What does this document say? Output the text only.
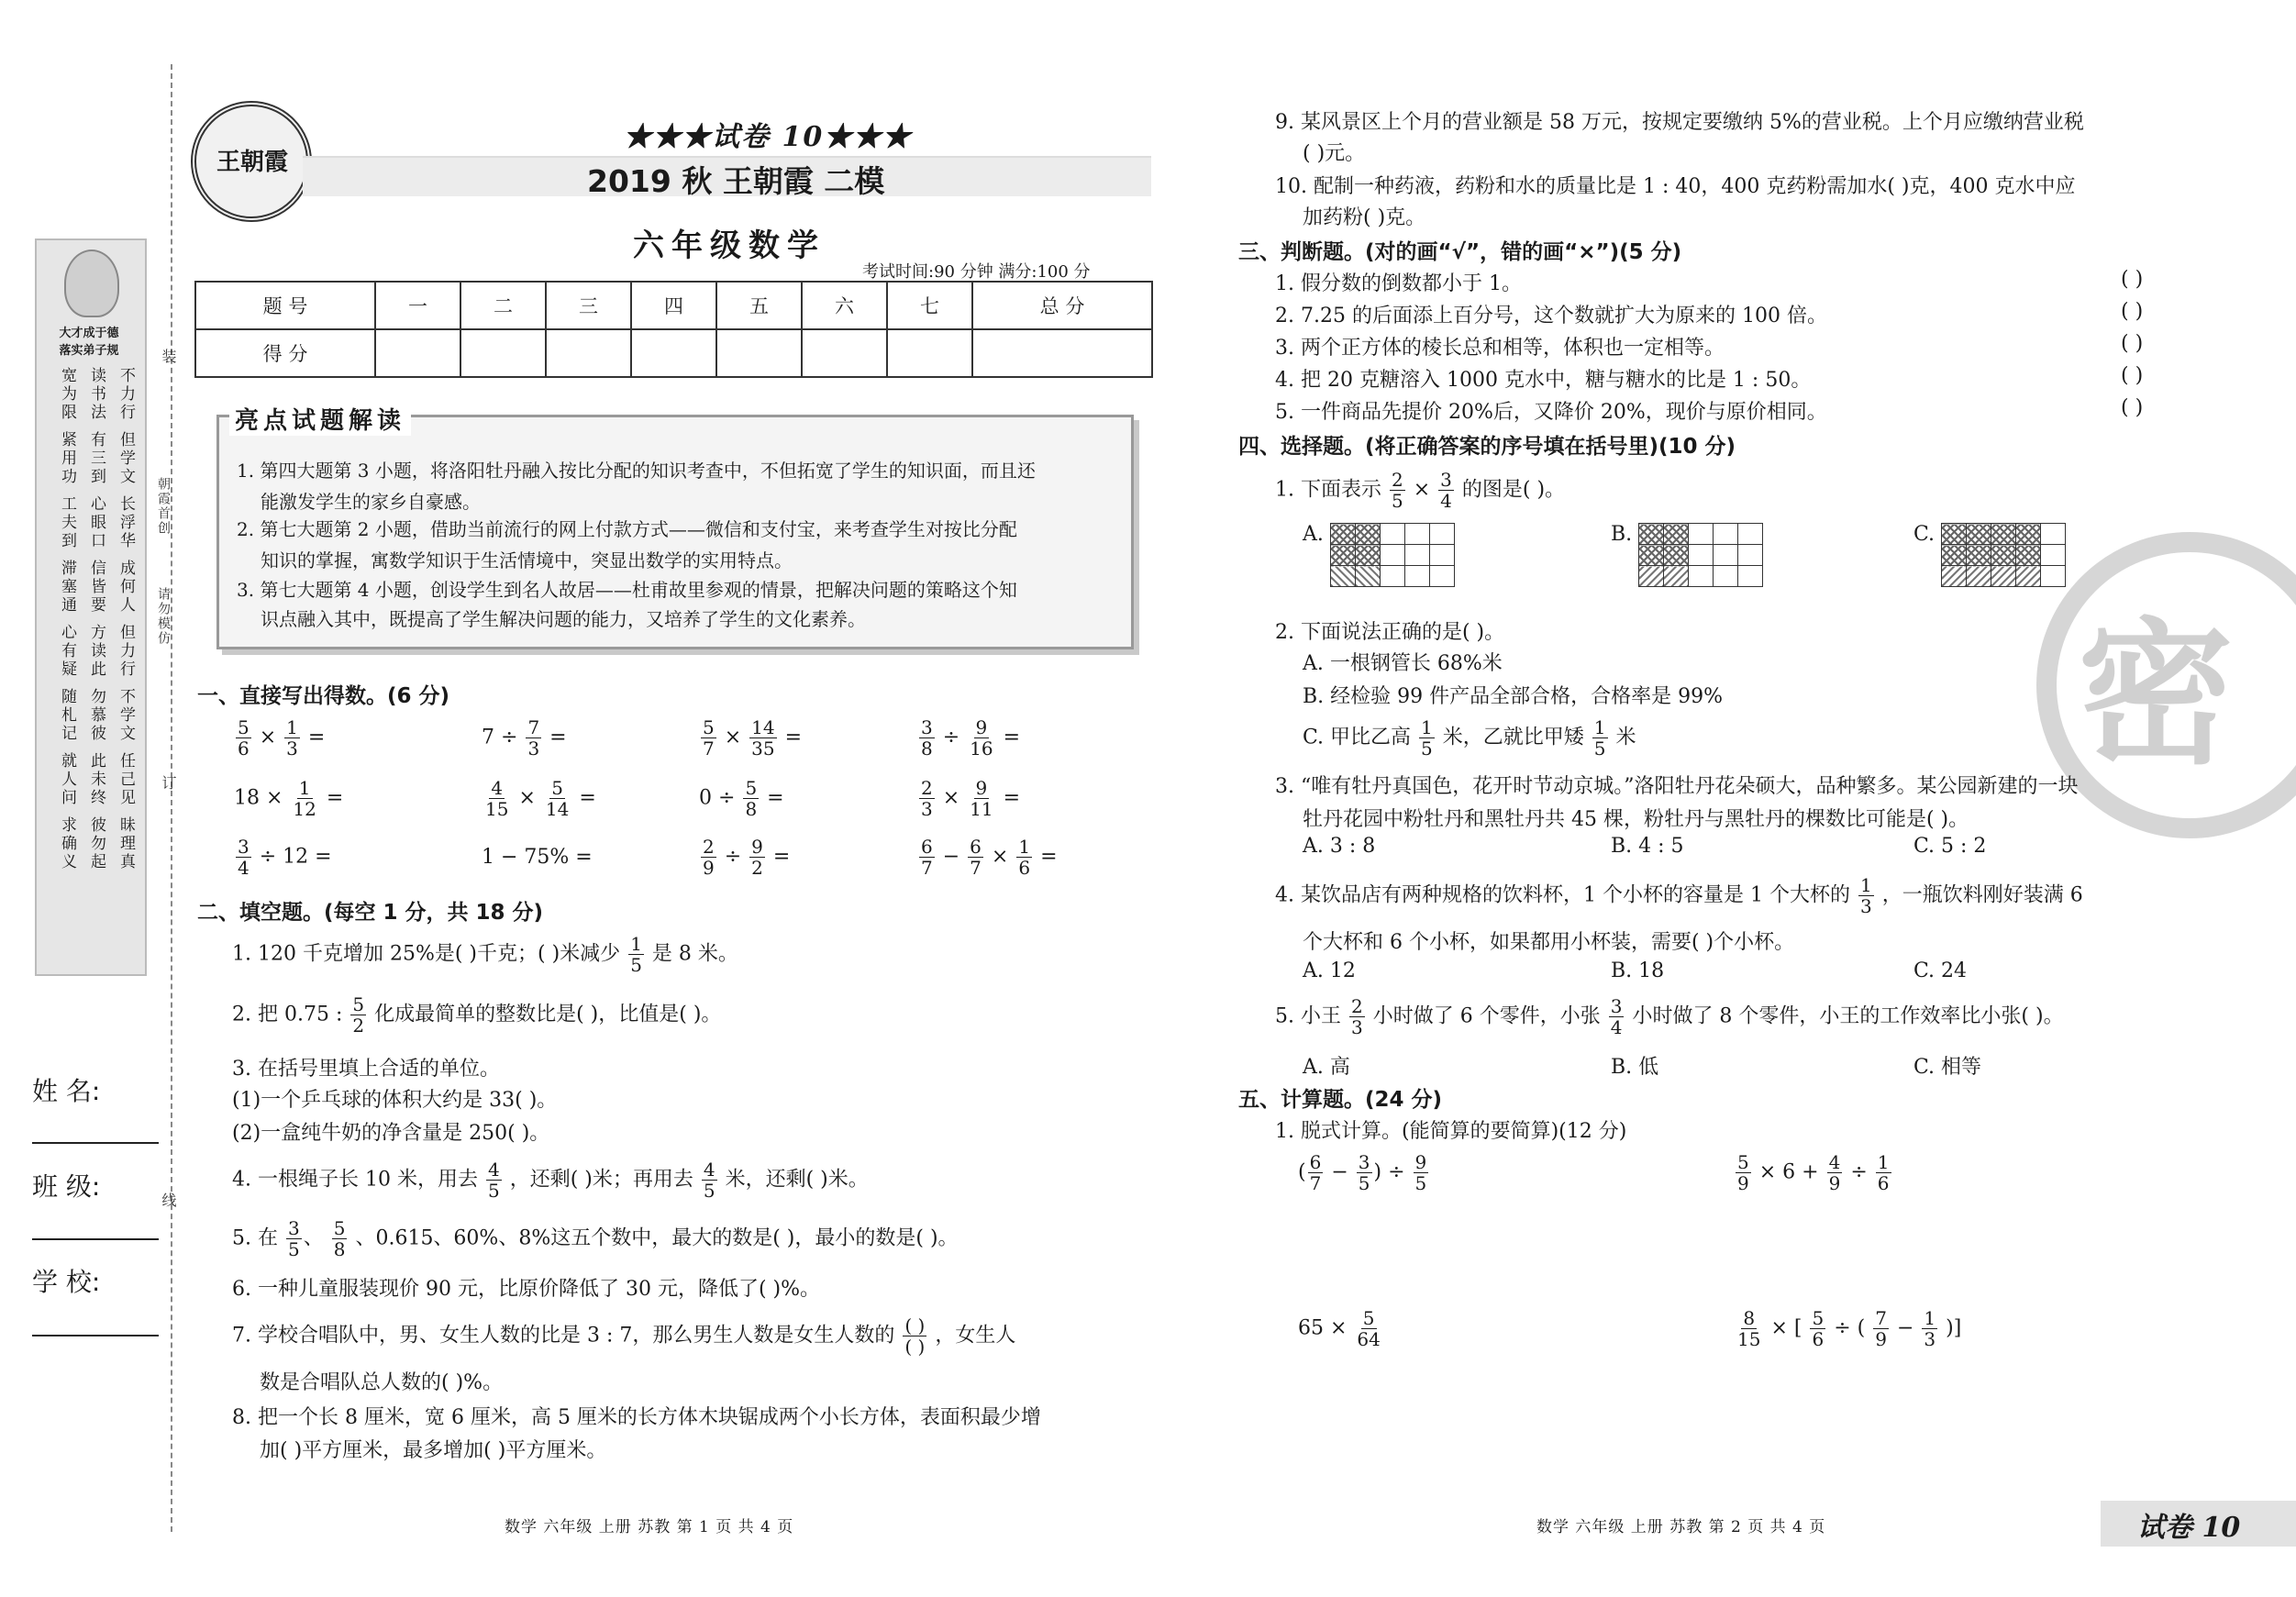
大才成于德
落实弟子规
宽为限 读书法 不力行
紧用功 有三到 但学文
工夫到 心眼口 长浮华
滞塞通 信皆要 成何人
心有疑 方读此 但力行
随札记 勿慕彼 不学文
就人问 此未终 任己见
求确义 彼勿起 昧理真
装
朝霞首创
请勿模仿
订
线
姓 名:
班 级:
学 校:
王朝霞
★★★试卷 10★★★
2019 秋 王朝霞 二模
六年级数学
考试时间:90 分钟 满分:100 分
题 号	一	二	三	四	五	六	七	总 分
得 分								
亮点试题解读
1. 第四大题第 3 小题，将洛阳牡丹融入按比分配的知识考查中，不但拓宽了学生的知识面，而且还
能激发学生的家乡自豪感。
2. 第七大题第 2 小题，借助当前流行的网上付款方式——微信和支付宝，来考查学生对按比分配
知识的掌握，寓数学知识于生活情境中，突显出数学的实用特点。
3. 第七大题第 4 小题，创设学生到名人故居——杜甫故里参观的情景，把解决问题的策略这个知
识点融入其中，既提高了学生解决问题的能力，又培养了学生的文化素养。
一、直接写出得数。(6 分)
$\frac{5}{6} \times \frac{1}{3}$ =	$7 \div \frac{7}{3}$ =	$\frac{5}{7} \times \frac{14}{35}$ =	$\frac{3}{8} \div \frac{9}{16}$ =
$18 \times \frac{1}{12}$ =	$\frac{4}{15} \times \frac{5}{14}$ =	$0 \div \frac{5}{8}$ =	$\frac{2}{3} \times \frac{9}{11}$ =
$\frac{3}{4} \div 12$ =	1 − 75% =	$\frac{2}{9} \div \frac{9}{2}$ =	$\frac{6}{7} - \frac{6}{7} \times \frac{1}{6}$ =
二、填空题。(每空 1 分，共 18 分)
1. 120 千克增加 25%是( )千克；( )米减少 $\frac{1}{5}$ 是 8 米。
2. 把 0.75 : $\frac{5}{2}$ 化成最简单的整数比是( )，比值是( )。
3. 在括号里填上合适的单位。
(1)一个乒乓球的体积大约是 33( )。
(2)一盒纯牛奶的净含量是 250( )。
4. 一根绳子长 10 米，用去 $\frac{4}{5}$ ，还剩( )米；再用去 $\frac{4}{5}$ 米，还剩( )米。
5. 在 $\frac{3}{5}$ 、 $\frac{5}{8}$ 、0.615、60%、8%这五个数中，最大的数是( )，最小的数是( )。
6. 一种儿童服装现价 90 元，比原价降低了 30 元，降低了( )%。
7. 学校合唱队中，男、女生人数的比是 3 : 7，那么男生人数是女生人数的 ( )
( ) ，女生人
数是合唱队总人数的( )%。
8. 把一个长 8 厘米，宽 6 厘米，高 5 厘米的长方体木块锯成两个小长方体，表面积最少增
加( )平方厘米，最多增加( )平方厘米。
数学 六年级 上册 苏教 第 1 页 共 4 页
密
9. 某风景区上个月的营业额是 58 万元，按规定要缴纳 5%的营业税。上个月应缴纳营业税
( )元。
10. 配制一种药液，药粉和水的质量比是 1 : 40，400 克药粉需加水( )克，400 克水中应
加药粉( )克。
三、判断题。(对的画“√”，错的画“×”)(5 分)
1. 假分数的倒数都小于 1。	( )
2. 7.25 的后面添上百分号，这个数就扩大为原来的 100 倍。	( )
3. 两个正方体的棱长总和相等，体积也一定相等。	( )
4. 把 20 克糖溶入 1000 克水中，糖与糖水的比是 1 : 50。	( )
5. 一件商品先提价 20%后，又降价 20%，现价与原价相同。	( )
四、选择题。(将正确答案的序号填在括号里)(10 分)
1. 下面表示 $\frac{2}{5} \times \frac{3}{4}$ 的图是( )。
A.	B.	C.

2. 下面说法正确的是( )。
A. 一根钢管长 68%米
B. 经检验 99 件产品全部合格，合格率是 99%
C. 甲比乙高 $\frac{1}{5}$ 米，乙就比甲矮 $\frac{1}{5}$ 米
3. “唯有牡丹真国色，花开时节动京城。”洛阳牡丹花朵硕大，品种繁多。某公园新建的一块
牡丹花园中粉牡丹和黑牡丹共 45 棵，粉牡丹与黑牡丹的棵数比可能是( )。
A. 3 : 8	B. 4 : 5	C. 5 : 2
4. 某饮品店有两种规格的饮料杯，1 个小杯的容量是 1 个大杯的 $\frac{1}{3}$ ，一瓶饮料刚好装满 6
个大杯和 6 个小杯，如果都用小杯装，需要( )个小杯。
A. 12	B. 18	C. 24
5. 小王 $\frac{2}{3}$ 小时做了 6 个零件，小张 $\frac{3}{4}$ 小时做了 8 个零件，小王的工作效率比小张( )。
A. 高	B. 低	C. 相等
五、计算题。(24 分)
1. 脱式计算。(能简算的要简算)(12 分)
( $\frac{6}{7} - \frac{3}{5}$ ) ÷ $\frac{9}{5}$	$\frac{5}{9} \times 6 + \frac{4}{9} \div \frac{1}{6}$
$65 \times \frac{5}{64}$	$\frac{8}{15}$ × [ $\frac{5}{6}$ ÷ ( $\frac{7}{9} - \frac{1}{3}$ )]
数学 六年级 上册 苏教 第 2 页 共 4 页	试卷 10
